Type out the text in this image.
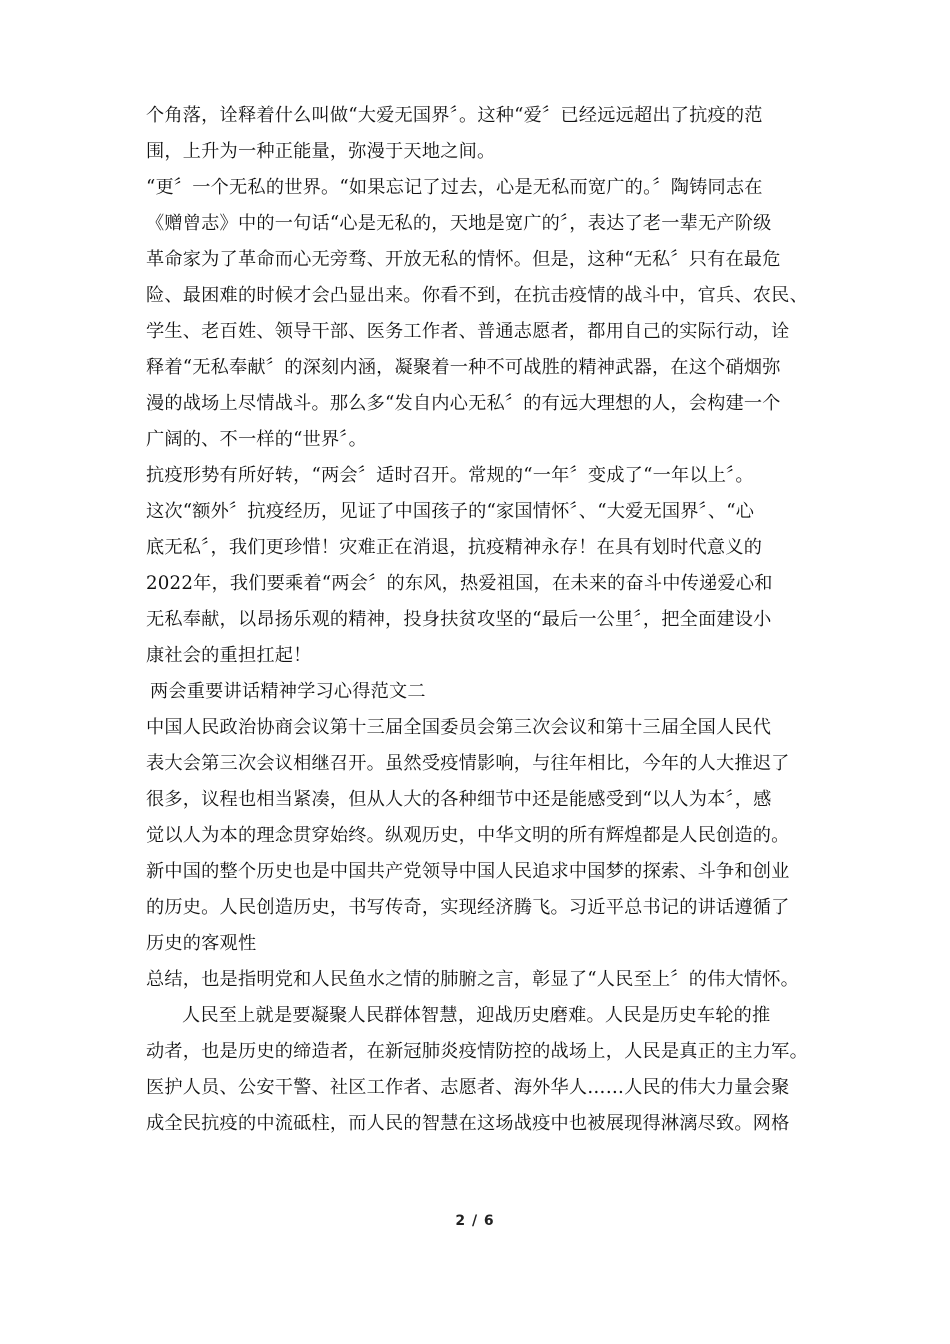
个角落，诠释着什么叫做“大爱无国界〞。这种“爱〞已经远远超出了抗疫的范
围，上升为一种正能量，弥漫于天地之间。
“更〞一个无私的世界。“如果忘记了过去，心是无私而宽广的。〞陶铸同志在
《赠曾志》中的一句话“心是无私的，天地是宽广的〞，表达了老一辈无产阶级
革命家为了革命而心无旁骛、开放无私的情怀。但是，这种“无私〞只有在最危
险、最困难的时候才会凸显出来。你看不到，在抗击疫情的战斗中，官兵、农民、
学生、老百姓、领导干部、医务工作者、普通志愿者，都用自己的实际行动，诠
释着“无私奉献〞的深刻内涵，凝聚着一种不可战胜的精神武器，在这个硝烟弥
漫的战场上尽情战斗。那么多“发自内心无私〞的有远大理想的人，会构建一个
广阔的、不一样的“世界〞。
抗疫形势有所好转，“两会〞适时召开。常规的“一年〞变成了“一年以上〞。
这次“额外〞抗疫经历，见证了中国孩子的“家国情怀〞、“大爱无国界〞、“心
底无私〞，我们更珍惜！灾难正在消退，抗疫精神永存！在具有划时代意义的
2022年，我们要乘着“两会〞的东风，热爱祖国，在未来的奋斗中传递爱心和
无私奉献，以昂扬乐观的精神，投身扶贫攻坚的“最后一公里〞，把全面建设小
康社会的重担扛起！
两会重要讲话精神学习心得范文二
中国人民政治协商会议第十三届全国委员会第三次会议和第十三届全国人民代
表大会第三次会议相继召开。虽然受疫情影响，与往年相比，今年的人大推迟了
很多，议程也相当紧凑，但从人大的各种细节中还是能感受到“以人为本〞，感
觉以人为本的理念贯穿始终。纵观历史，中华文明的所有辉煌都是人民创造的。
新中国的整个历史也是中国共产党领导中国人民追求中国梦的探索、斗争和创业
的历史。人民创造历史，书写传奇，实现经济腾飞。习近平总书记的讲话遵循了
历史的客观性
总结，也是指明党和人民鱼水之情的肺腑之言，彰显了“人民至上〞的伟大情怀。
人民至上就是要凝聚人民群体智慧，迎战历史磨难。人民是历史车轮的推
动者，也是历史的缔造者，在新冠肺炎疫情防控的战场上，人民是真正的主力军。
医护人员、公安干警、社区工作者、志愿者、海外华人……人民的伟大力量会聚
成全民抗疫的中流砥柱，而人民的智慧在这场战疫中也被展现得淋漓尽致。网格
2 / 6
